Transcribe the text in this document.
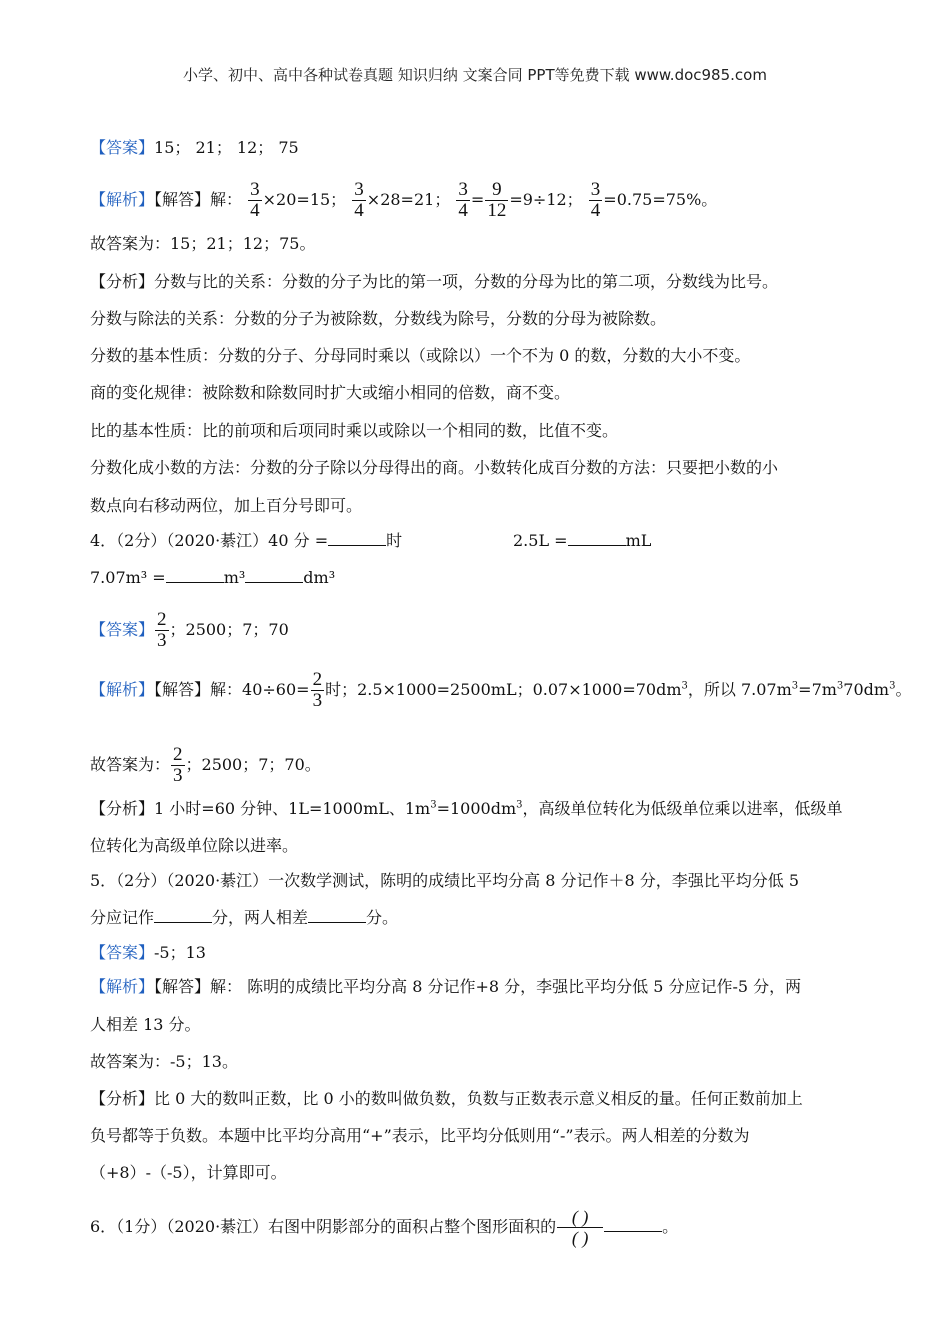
小学、初中、高中各种试卷真题 知识归纳 文案合同 PPT等免费下载 www.doc985.com
【答案】15； 21； 12； 75
【解析】【解答】解： $\frac{3}{4} \times 20=15$； $\frac{3}{4} \times 28=21$； $\frac{3}{4} = \frac{9}{12} =9\div 12$； $\frac{3}{4} =0.75=75\%$。
故答案为：15；21；12；75。
【分析】分数与比的关系：分数的分子为比的第一项，分数的分母为比的第二项，分数线为比号。
分数与除法的关系：分数的分子为被除数，分数线为除号，分数的分母为被除数。
分数的基本性质：分数的分子、分母同时乘以（或除以）一个不为 0 的数，分数的大小不变。
商的变化规律：被除数和除数同时扩大或缩小相同的倍数，商不变。
比的基本性质：比的前项和后项同时乘以或除以一个相同的数，比值不变。
分数化成小数的方法：分数的分子除以分母得出的商。小数转化成百分数的方法：只要把小数的小
数点向右移动两位，加上百分号即可。
4．（2分）（2020·綦江）40 分 =	时	2.5L =	mL
7.07m³ =	m³	dm³
【答案】 $\frac{2}{3}$ ；2500；7；70
【解析】【解答】解：$40\div 60= \frac{2}{3}$ 时；2.5×1000=2500mL；$0.07\times 1000=70dm^3$，所以 $7.07m^3=7m^370dm^3$。
故答案为： $\frac{2}{3}$ ；2500；7；70。
【分析】1 小时=60 分钟、1L=1000mL、$1m^3=1000dm^3$，高级单位转化为低级单位乘以进率，低级单
位转化为高级单位除以进率。
5．（2分）（2020·綦江）一次数学测试，陈明的成绩比平均分高 8 分记作＋8 分，李强比平均分低 5
分应记作	分，两人相差	分。
【答案】-5；13
【解析】【解答】解： 陈明的成绩比平均分高 8 分记作+8 分，李强比平均分低 5 分应记作-5 分，两
人相差 13 分。
故答案为：-5；13。
【分析】比 0 大的数叫正数，比 0 小的数叫做负数，负数与正数表示意义相反的量。任何正数前加上
负号都等于负数。本题中比平均分高用“+”表示，比平均分低则用“-”表示。两人相差的分数为
（+8）-（-5），计算即可。
6．（1分）（2020·綦江）右图中阴影部分的面积占整个图形面积的 $\frac{( )}{( )}$	。
